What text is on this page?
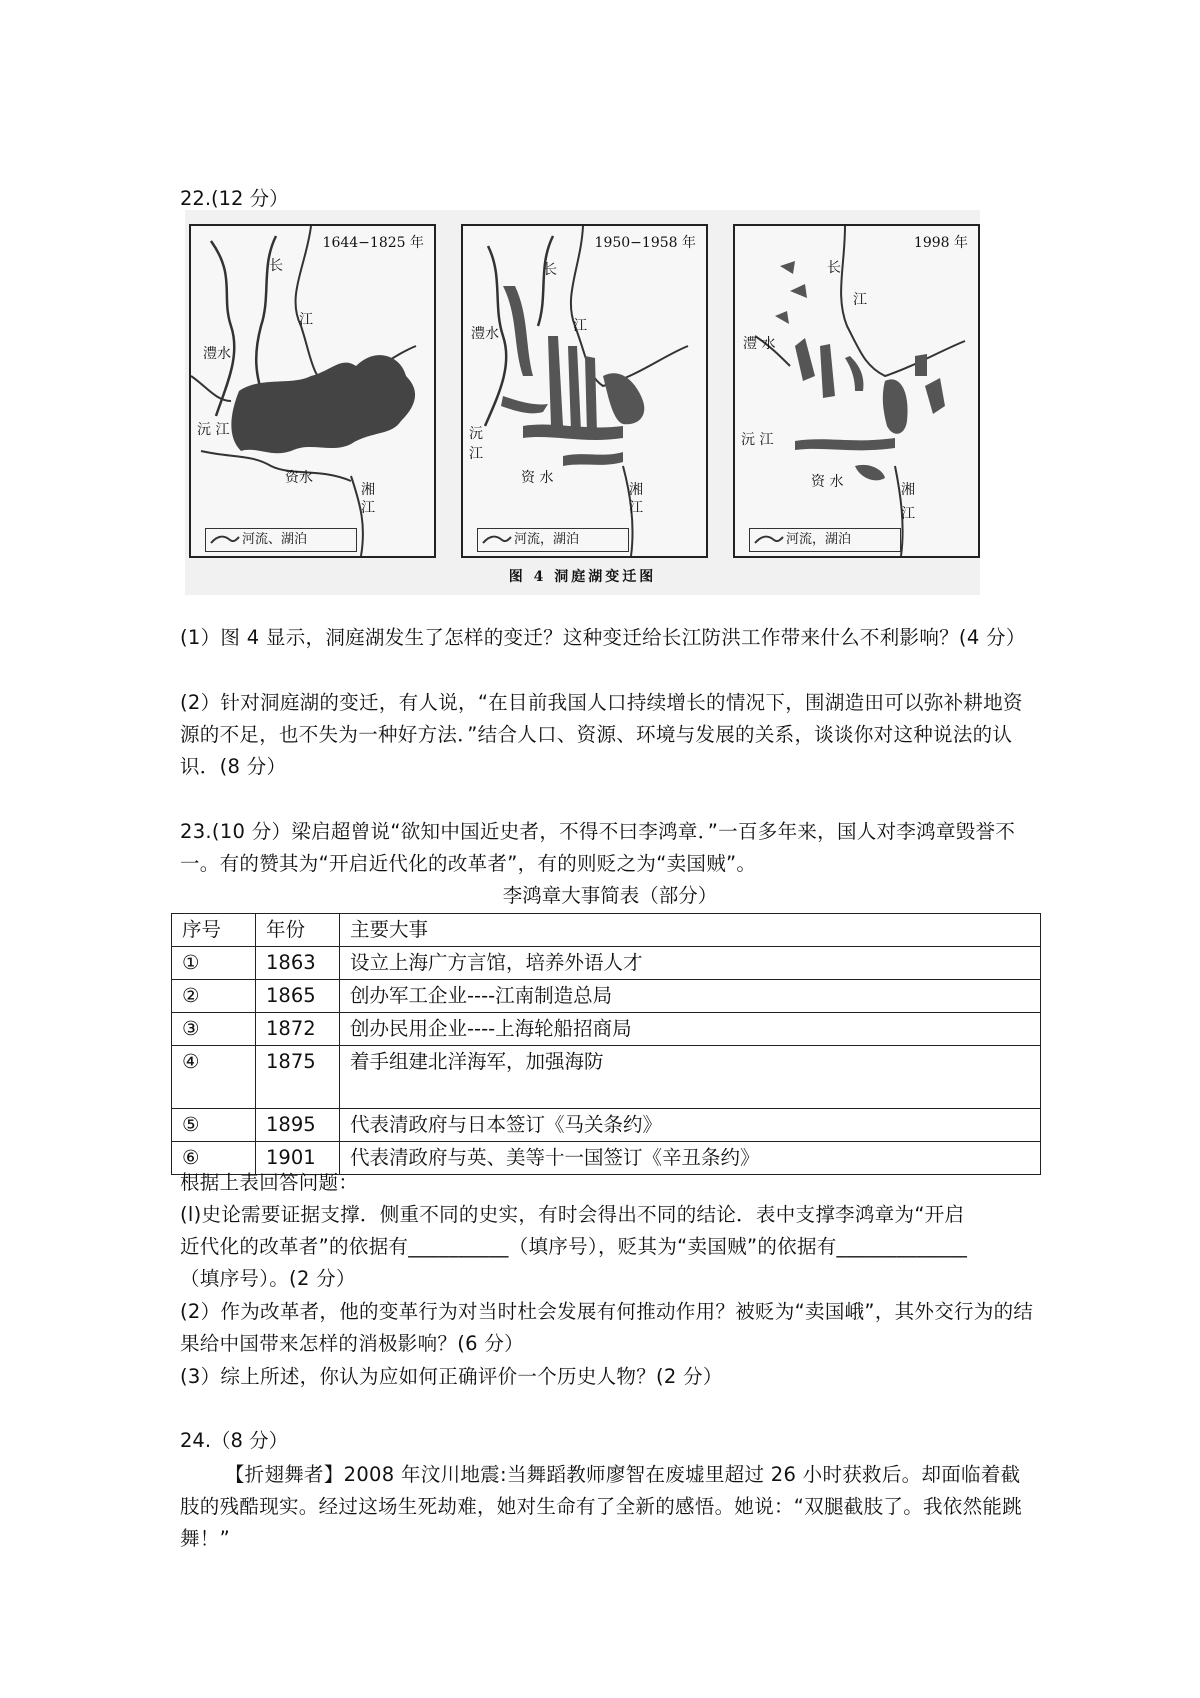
22.(12 分）
1644−1825 年
长
江
澧水
沅 江
资水
湘
江
河流、湖泊
1950−1958 年
长
江
澧水
沅
江
资 水
湘
江
河流，湖泊
1998 年
长
江
澧 水
沅 江
资 水	湘
江
河流，湖泊
图 4 洞庭湖变迁图

(1）图 4 显示，洞庭湖发生了怎样的变迁？这种变迁给长江防洪工作带来什么不利影响？(4 分）

(2）针对洞庭湖的变迁，有人说，“在目前我国人口持续增长的情况下，围湖造田可以弥补耕地资源的不足，也不失为一种好方法．”结合人口、资源、环境与发展的关系，谈谈你对这种说法的认识．(8 分）

23.(10 分）梁启超曾说“欲知中国近史者，不得不曰李鸿章．”一百多年来，国人对李鸿章毁誉不一。有的赞其为“开启近代化的改革者”，有的则贬之为“卖国贼”。

李鸿章大事简表（部分）
序号	年份	主要大事
①	1863	设立上海广方言馆，培养外语人才
②	1865	创办军工企业----江南制造总局
③	1872	创办民用企业----上海轮船招商局
④	1875	着手组建北洋海军，加强海防
⑤	1895	代表清政府与日本签订《马关条约》
⑥	1901	代表清政府与英、美等十一国签订《辛丑条约》
根据上表回答问题：
(l)史论需要证据支撑．侧重不同的史实，有时会得出不同的结论．表中支撑李鸿章为“开启
近代化的改革者”的依据有__________（填序号），贬其为“卖国贼”的依据有_____________
（填序号）。(2 分）

(2）作为改革者，他的变革行为对当时杜会发展有何推动作用？被贬为“卖国峨”，其外交行为的结果给中国带来怎样的消极影响？(6 分）

(3）综上所述，你认为应如何正确评价一个历史人物？(2 分）

24.（8 分）

【折翅舞者】2008 年汶川地震:当舞蹈教师廖智在废墟里超过 26 小时获救后。却面临着截肢的残酷现实。经过这场生死劫难，她对生命有了全新的感悟。她说：“双腿截肢了。我依然能跳舞！”
